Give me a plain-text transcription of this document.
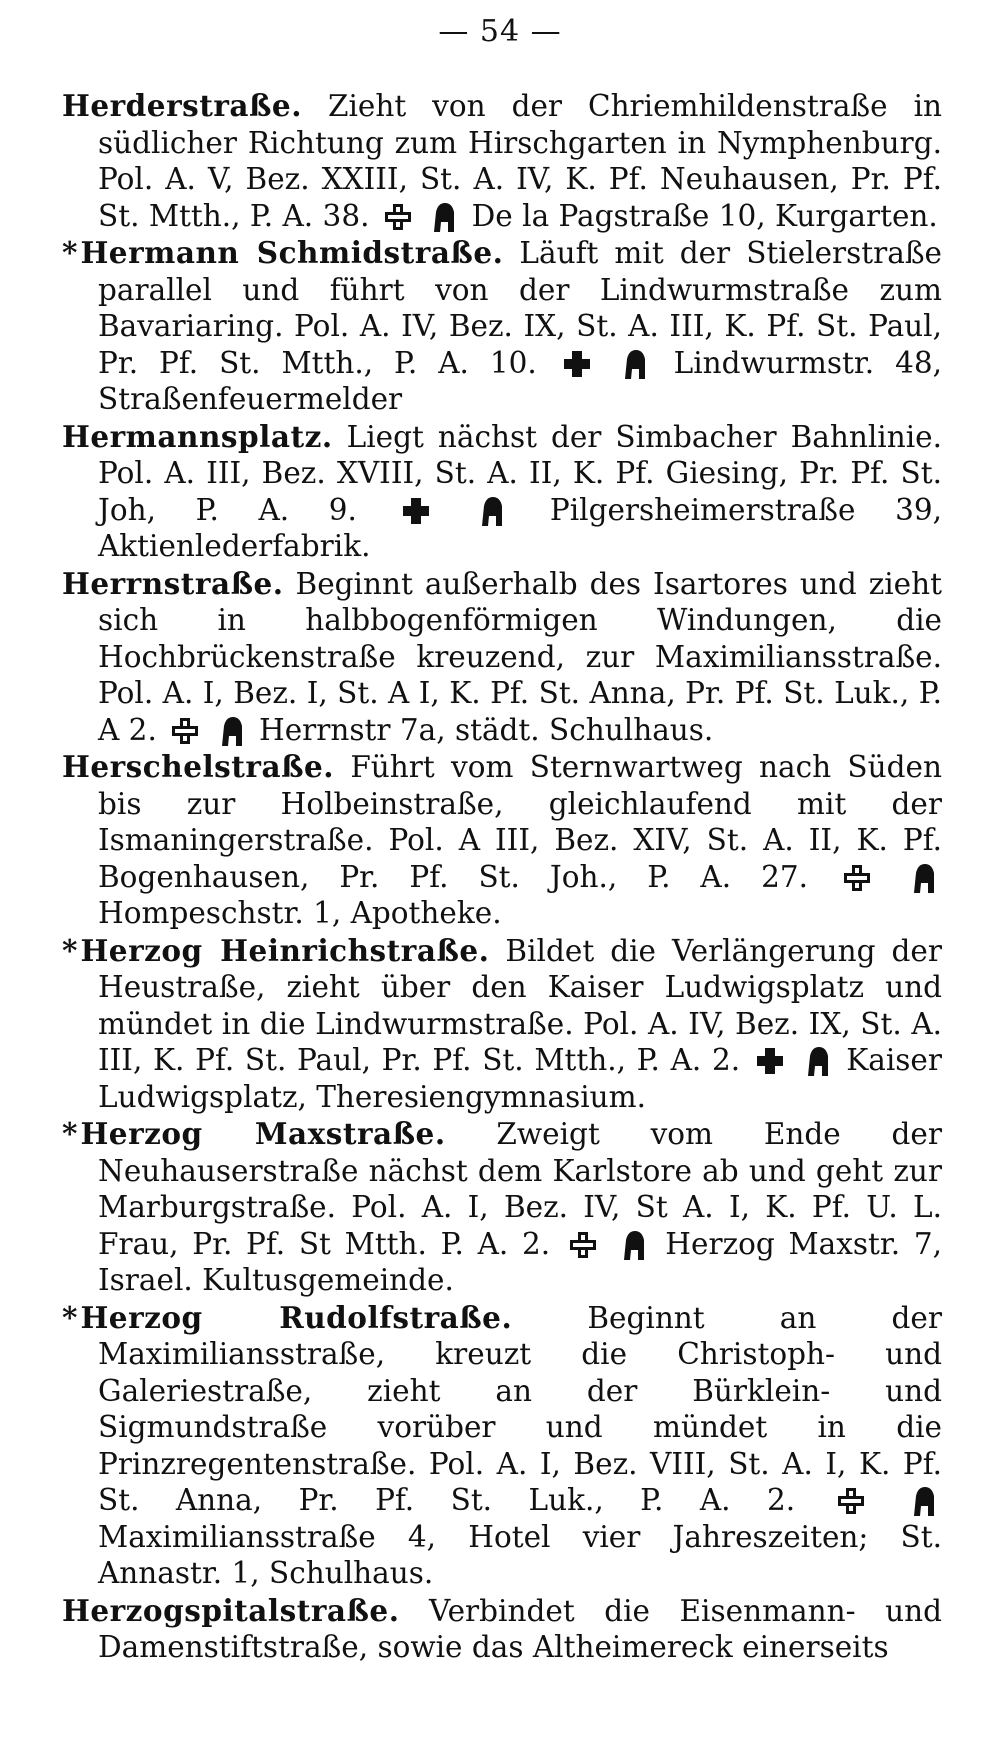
— 54 —

Herderstraße. Zieht von der Chriemhildenstraße in südlicher Richtung zum Hirschgarten in Nymphenburg. Pol. A. V, Bez. XXIII, St. A. IV, K. Pf. Neuhausen, Pr. Pf. St. Mtth., P. A. 38.	De la Pagstraße 10, Kurgarten.

* Hermann Schmidstraße. Läuft mit der Stielerstraße parallel und führt von der Lindwurmstraße zum Bavariaring. Pol. A. IV, Bez. IX, St. A. III, K. Pf. St. Paul, Pr. Pf. St. Mtth., P. A. 10.	Lindwurmstr. 48, Straßenfeuermelder

Hermannsplatz. Liegt nächst der Simbacher Bahnlinie. Pol. A. III, Bez. XVIII, St. A. II, K. Pf. Giesing, Pr. Pf. St. Joh, P. A. 9.	Pilgersheimerstraße 39, Aktienlederfabrik.

Herrnstraße. Beginnt außerhalb des Isartores und zieht sich in halbbogenförmigen Windungen, die Hochbrückenstraße kreuzend, zur Maximiliansstraße. Pol. A. I, Bez. I, St. A I, K. Pf. St. Anna, Pr. Pf. St. Luk., P. A 2.	Herrnstr 7a, städt. Schulhaus.

Herschelstraße. Führt vom Sternwartweg nach Süden bis zur Holbeinstraße, gleichlaufend mit der Ismaningerstraße. Pol. A III, Bez. XIV, St. A. II, K. Pf. Bogenhausen, Pr. Pf. St. Joh., P. A. 27.   Hompeschstr. 1, Apotheke.

* Herzog Heinrichstraße. Bildet die Verlängerung der Heustraße, zieht über den Kaiser Ludwigsplatz und mündet in die Lindwurmstraße. Pol. A. IV, Bez. IX, St. A. III, K. Pf. St. Paul, Pr. Pf. St. Mtth., P. A. 2.	Kaiser Ludwigsplatz, Theresiengymnasium.

* Herzog Maxstraße. Zweigt vom Ende der Neuhauserstraße nächst dem Karlstore ab und geht zur Marburgstraße. Pol. A. I, Bez. IV, St A. I, K. Pf. U. L. Frau, Pr. Pf. St Mtth. P. A. 2.	Herzog Maxstr. 7, Israel. Kultusgemeinde.

* Herzog Rudolfstraße. Beginnt an der Maximiliansstraße, kreuzt die Christoph- und Galeriestraße, zieht an der Bürklein- und Sigmundstraße vorüber und mündet in die Prinzregentenstraße. Pol. A. I, Bez. VIII, St. A. I, K. Pf. St. Anna, Pr. Pf. St. Luk., P. A. 2.   Maximiliansstraße 4, Hotel vier Jahreszeiten; St. Annastr. 1, Schulhaus.

Herzogspitalstraße. Verbindet die Eisenmann- und Damenstiftstraße, sowie das Altheimereck einerseits
